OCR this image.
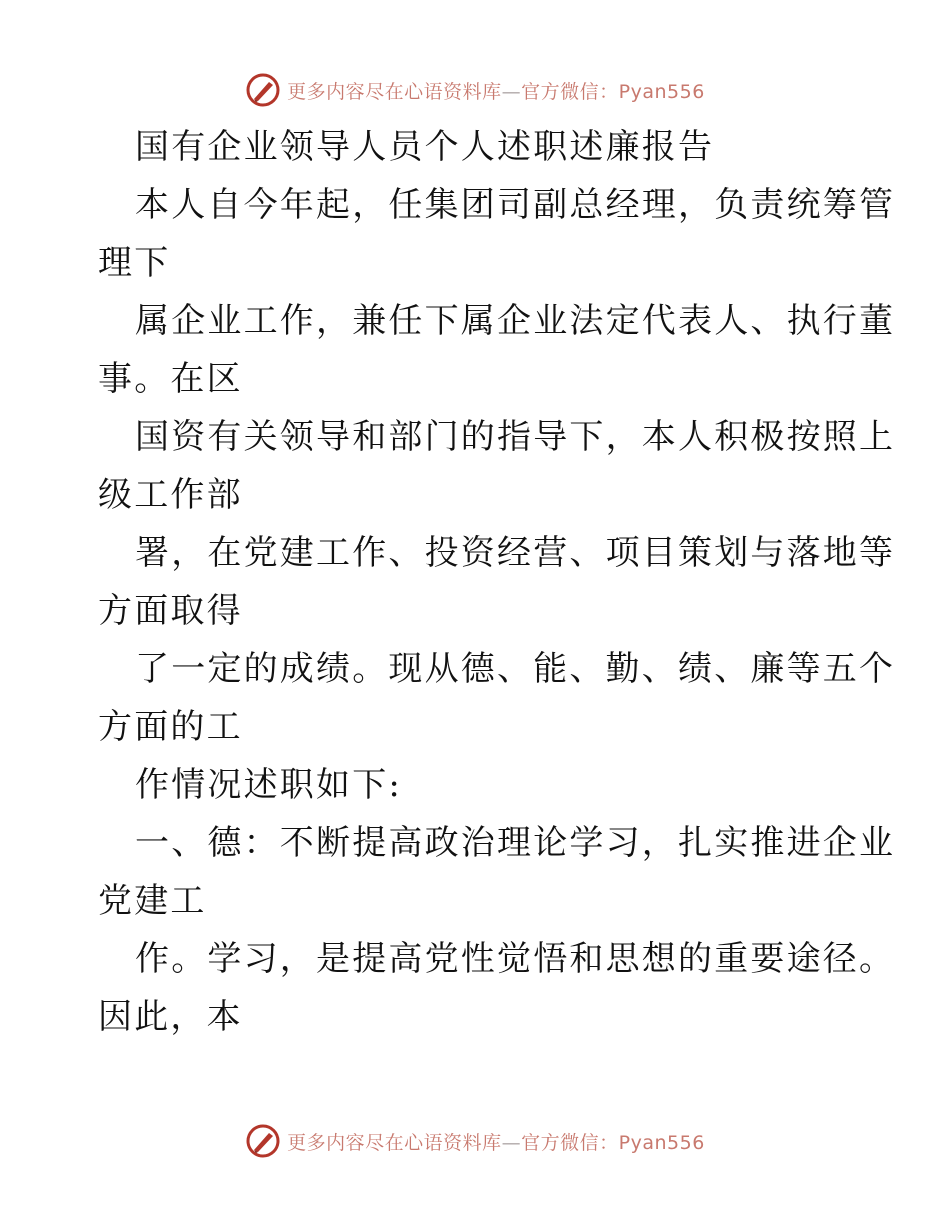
更多内容尽在心语资料库—官方微信：Pyan556
国有企业领导人员个人述职述廉报告
本人自今年起，任集团司副总经理，负责统筹管
理下
属企业工作，兼任下属企业法定代表人、执行董
事。在区
国资有关领导和部门的指导下，本人积极按照上
级工作部
署，在党建工作、投资经营、项目策划与落地等
方面取得
了一定的成绩。现从德、能、勤、绩、廉等五个
方面的工
作情况述职如下:
一、德：不断提高政治理论学习，扎实推进企业
党建工
作。学习，是提高党性觉悟和思想的重要途径。
因此，本
更多内容尽在心语资料库—官方微信：Pyan556
